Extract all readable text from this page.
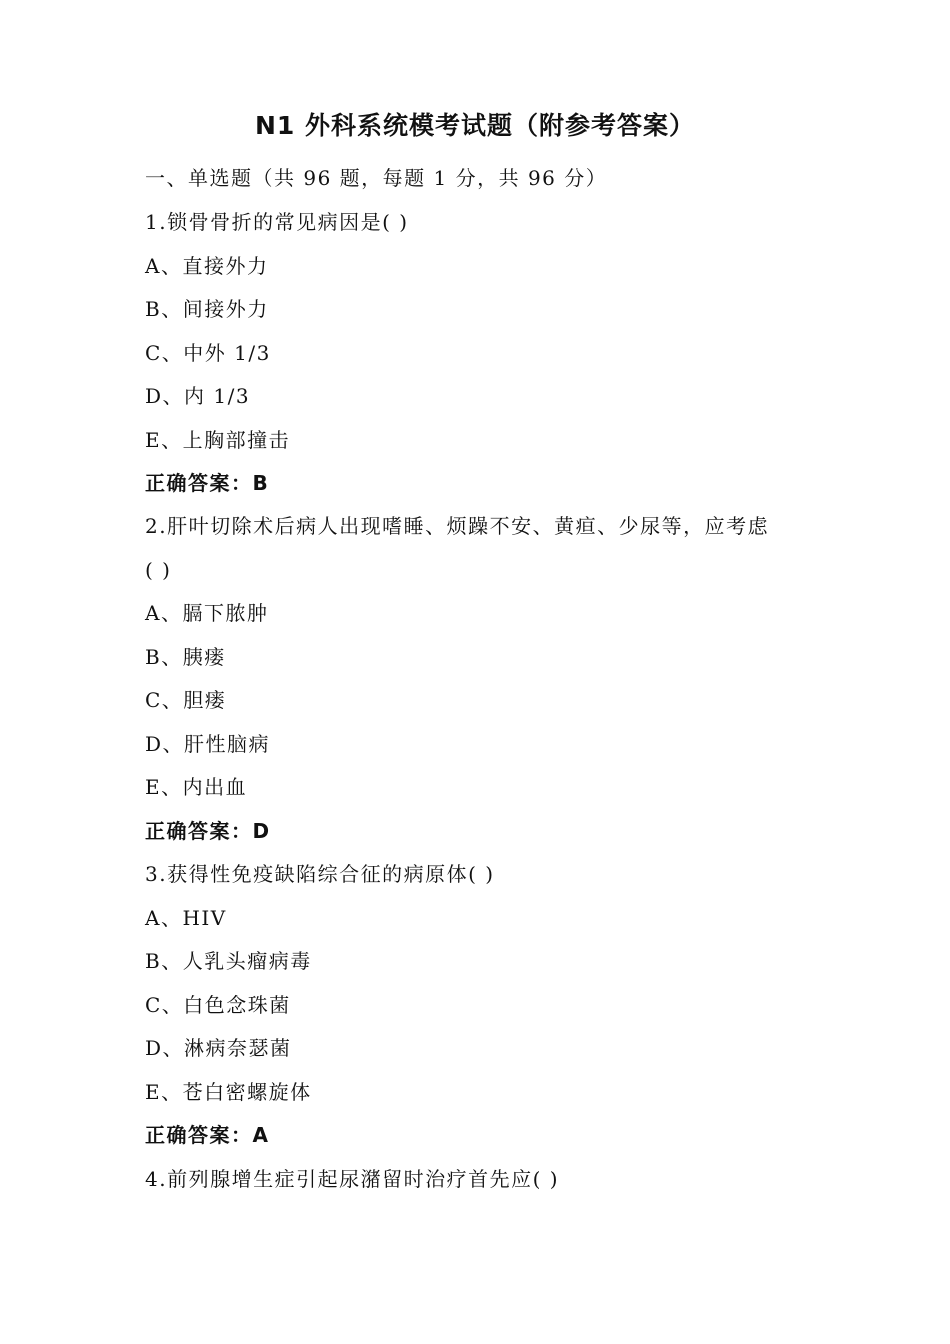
N1 外科系统模考试题（附参考答案）
一、单选题（共 96 题，每题 1 分，共 96 分）
1.锁骨骨折的常见病因是( )
A、直接外力
B、间接外力
C、中外 1/3
D、内 1/3
E、上胸部撞击
正确答案：B
2.肝叶切除术后病人出现嗜睡、烦躁不安、黄疸、少尿等，应考虑
( )
A、膈下脓肿
B、胰瘘
C、胆瘘
D、肝性脑病
E、内出血
正确答案：D
3.获得性免疫缺陷综合征的病原体( )
A、HIV
B、人乳头瘤病毒
C、白色念珠菌
D、淋病奈瑟菌
E、苍白密螺旋体
正确答案：A
4.前列腺增生症引起尿潴留时治疗首先应( )
